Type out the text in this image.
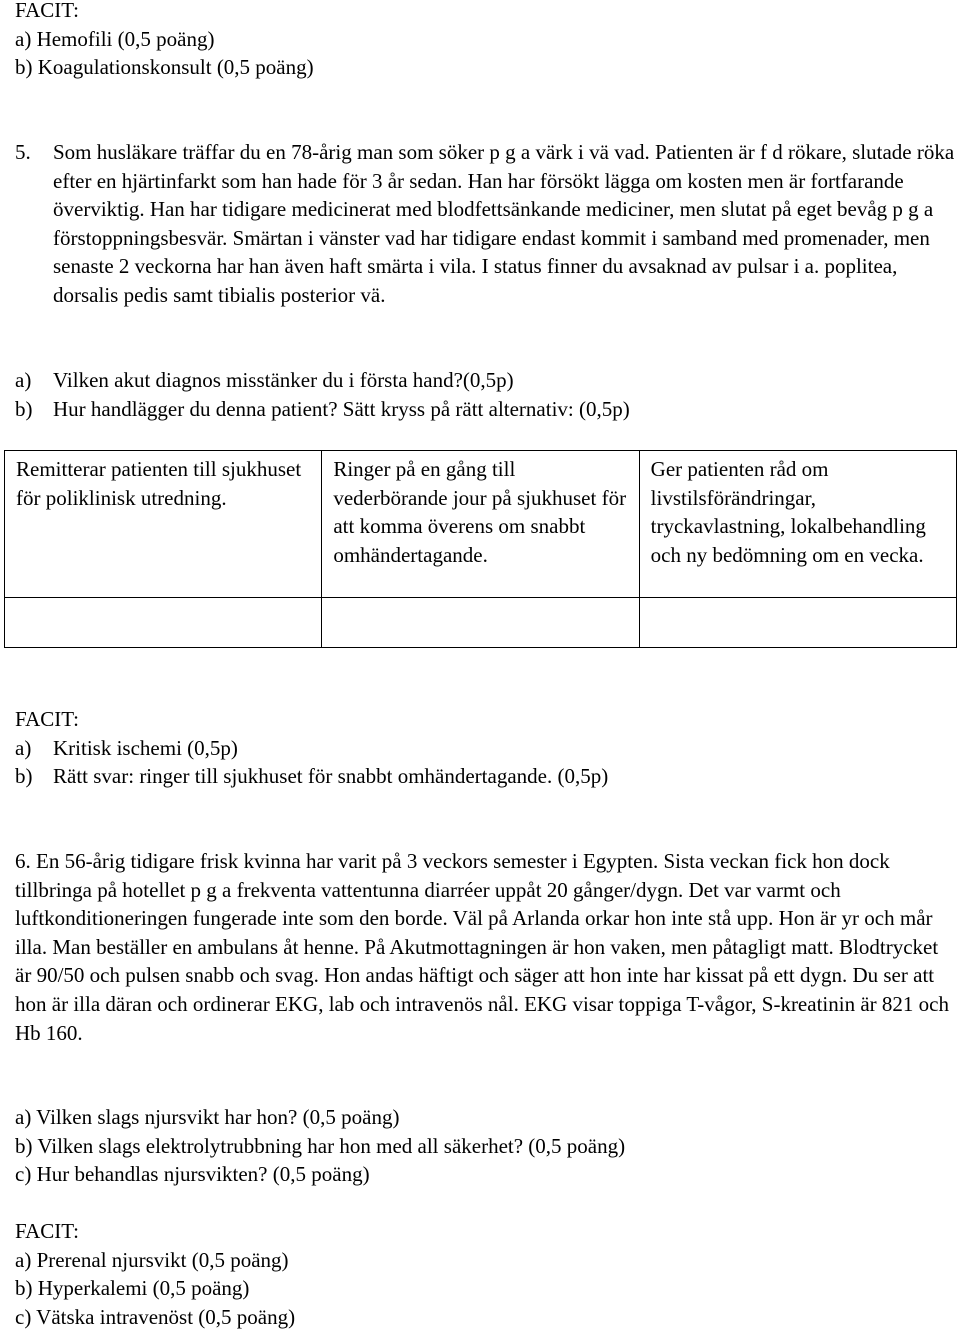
FACIT:
a) Hemofili (0,5 poäng)
b) Koagulationskonsult (0,5 poäng)
5. Som husläkare träffar du en 78-årig man som söker p g a värk i vä vad. Patienten är f d rökare, slutade röka efter en hjärtinfarkt som han hade för 3 år sedan. Han har försökt lägga om kosten men är fortfarande överviktig. Han har tidigare medicinerat med blodfettsänkande mediciner, men slutat på eget bevåg p g a förstoppningsbesvär. Smärtan i vänster vad har tidigare endast kommit i samband med promenader, men senaste 2 veckorna har han även haft smärta i vila. I status finner du avsaknad av pulsar i a. poplitea, dorsalis pedis samt tibialis posterior vä.
a) Vilken akut diagnos misstänker du i första hand?(0,5p)
b) Hur handlägger du denna patient? Sätt kryss på rätt alternativ: (0,5p)
Remitterar patienten till sjukhuset för poliklinisk utredning.	Ringer på en gång till vederbörande jour på sjukhuset för att komma överens om snabbt omhändertagande.	Ger patienten råd om livstilsförändringar, tryckavlastning, lokalbehandling och ny bedömning om en vecka.

FACIT:
a) Kritisk ischemi (0,5p)
b) Rätt svar: ringer till sjukhuset för snabbt omhändertagande. (0,5p)
6. En 56-årig tidigare frisk kvinna har varit på 3 veckors semester i Egypten. Sista veckan fick hon dock tillbringa på hotellet p g a frekventa vattentunna diarréer uppåt 20 gånger/dygn. Det var varmt och luftkonditioneringen fungerade inte som den borde. Väl på Arlanda orkar hon inte stå upp. Hon är yr och mår illa. Man beställer en ambulans åt henne. På Akutmottagningen är hon vaken, men påtagligt matt. Blodtrycket är 90/50 och pulsen snabb och svag. Hon andas häftigt och säger att hon inte har kissat på ett dygn. Du ser att hon är illa däran och ordinerar EKG, lab och intravenös nål. EKG visar toppiga T-vågor, S-kreatinin är 821 och Hb 160.
a) Vilken slags njursvikt har hon? (0,5 poäng)
b) Vilken slags elektrolytrubbning har hon med all säkerhet? (0,5 poäng)
c) Hur behandlas njursvikten? (0,5 poäng)
FACIT:
a) Prerenal njursvikt (0,5 poäng)
b) Hyperkalemi (0,5 poäng)
c) Vätska intravenöst (0,5 poäng)
